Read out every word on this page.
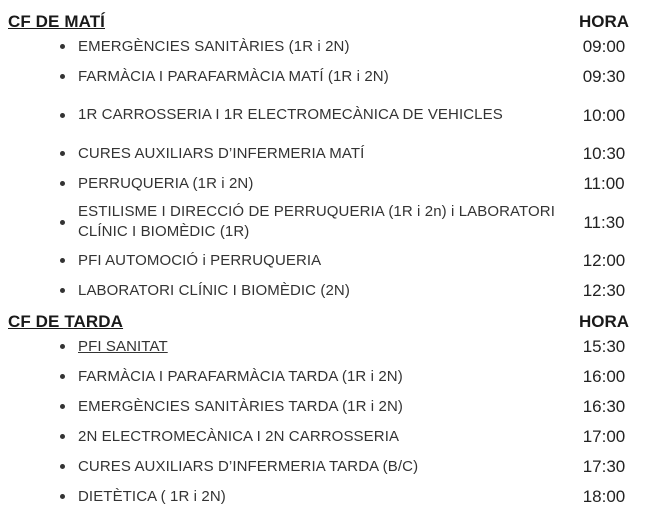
CF DE MATÍ	HORA

EMERGÈNCIES SANITÀRIES (1R i 2N)	09:00

FARMÀCIA I PARAFARMÀCIA MATÍ (1R i 2N)	09:30

1R CARROSSERIA I 1R ELECTROMECÀNICA DE VEHICLES	10:00

CURES AUXILIARS D’INFERMERIA MATÍ	10:30

PERRUQUERIA (1R i 2N)	11:00

ESTILISME I DIRECCIÓ DE PERRUQUERIA (1R i 2n) i LABORATORI CLÍNIC I BIOMÈDIC (1R)	11:30

PFI AUTOMOCIÓ i PERRUQUERIA	12:00

LABORATORI CLÍNIC I BIOMÈDIC (2N)	12:30
CF DE TARDA	HORA

PFI SANITAT	15:30

FARMÀCIA I PARAFARMÀCIA TARDA (1R i 2N)	16:00

EMERGÈNCIES SANITÀRIES TARDA (1R i 2N)	16:30

2N ELECTROMECÀNICA I 2N CARROSSERIA	17:00

CURES AUXILIARS D’INFERMERIA TARDA (B/C)	17:30

DIETÈTICA ( 1R i 2N)	18:00
